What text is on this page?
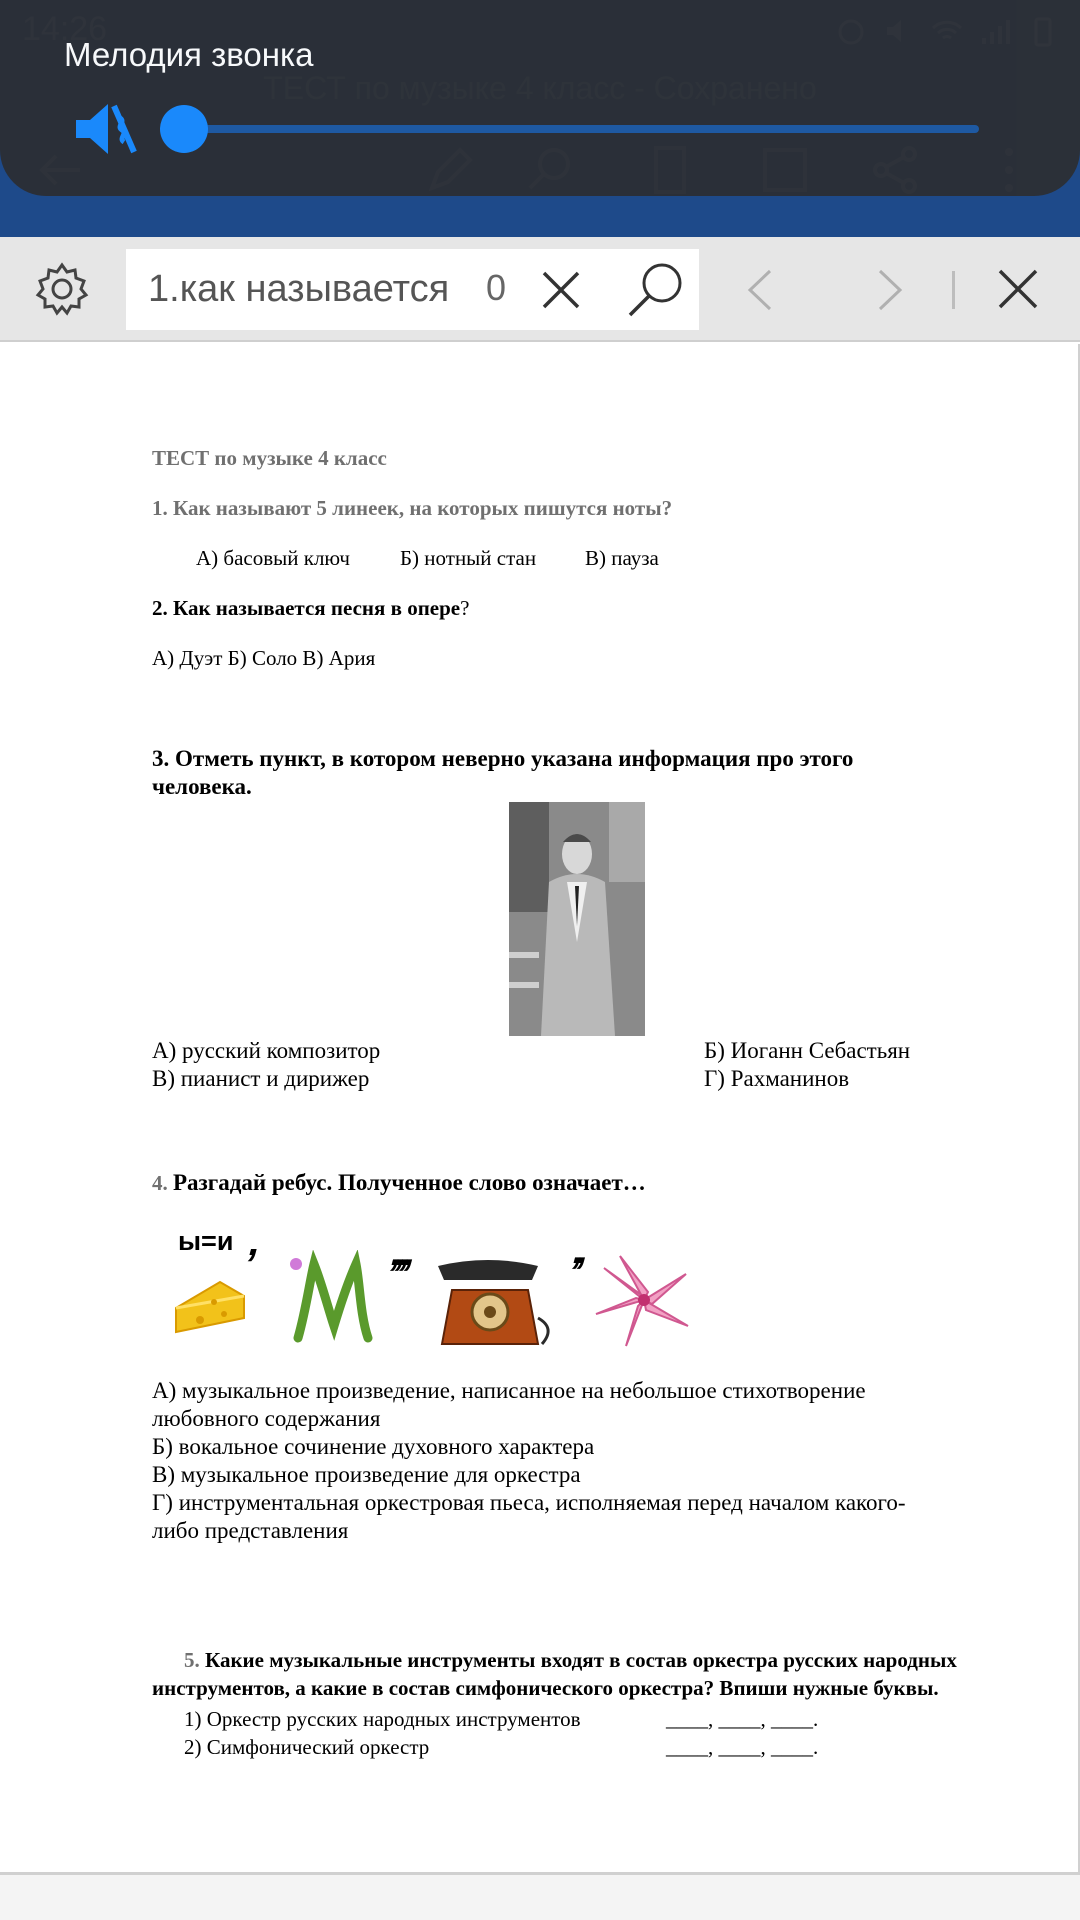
Мелодия звонка
1.как называется
0
ТЕСТ по музыке 4 класс
1. Как называют 5 линеек, на которых пишутся ноты?
А) басовый ключ Б) нотный стан В) пауза
2. Как называется песня в опере?
А) Дуэт Б) Соло В) Ария
3. Отметь пункт, в котором неверно указана информация про этого
человека.
А) русский композитор	Б) Иоганн Себастьян
В) пианист и дирижер	Г) Рахманинов
4. Разгадай ребус. Полученное слово означает…
ы=и ,	,,,,	,,
А) музыкальное произведение, написанное на небольшое стихотворение
любовного содержания
Б) вокальное сочинение духовного характера
В) музыкальное произведение для оркестра
Г) инструментальная оркестровая пьеса, исполняемая перед началом какого-
либо представления
5. Какие музыкальные инструменты входят в состав оркестра русских народных
инструментов, а какие в состав симфонического оркестра? Впиши нужные буквы.
1) Оркестр русских народных инструментов	____, ____, ____.
2) Симфонический оркестр	____, ____, ____.
